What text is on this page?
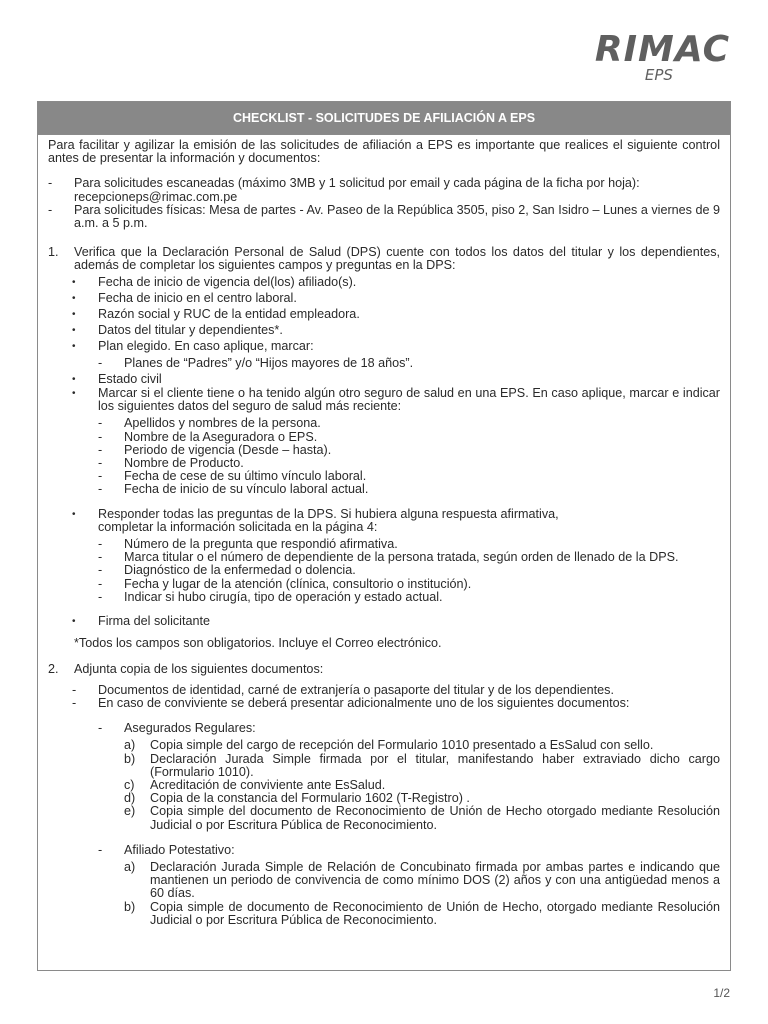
RIMAC
EPS
CHECKLIST - SOLICITUDES DE AFILIACIÓN A EPS
Para facilitar y agilizar la emisión de las solicitudes de afiliación a EPS es importante que realices el siguiente control antes de presentar la información y documentos:
-	Para solicitudes escaneadas (máximo 3MB y 1 solicitud por email y cada página de la ficha por hoja):
recepcioneps@rimac.com.pe
-	Para solicitudes físicas: Mesa de partes - Av. Paseo de la República 3505, piso 2, San Isidro – Lunes a viernes de 9 a.m. a 5 p.m.
1.	Verifica que la Declaración Personal de Salud (DPS) cuente con todos los datos del titular y los dependientes, además de completar los siguientes campos y preguntas en la DPS:
•	Fecha de inicio de vigencia del(los) afiliado(s).
•	Fecha de inicio en el centro laboral.
•	Razón social y RUC de la entidad empleadora.
•	Datos del titular y dependientes*.
•	Plan elegido. En caso aplique, marcar:
-	Planes de “Padres” y/o “Hijos mayores de 18 años”.
•	Estado civil
•	Marcar si el cliente tiene o ha tenido algún otro seguro de salud en una EPS. En caso aplique, marcar e indicar los siguientes datos del seguro de salud más reciente:
-	Apellidos y nombres de la persona.
-	Nombre de la Aseguradora o EPS.
-	Periodo de vigencia (Desde – hasta).
-	Nombre de Producto.
-	Fecha de cese de su último vínculo laboral.
-	Fecha de inicio de su vínculo laboral actual.
•	Responder todas las preguntas de la DPS. Si hubiera alguna respuesta afirmativa,
completar la información solicitada en la página 4:
-	Número de la pregunta que respondió afirmativa.
-	Marca titular o el número de dependiente de la persona tratada, según orden de llenado de la DPS.
-	Diagnóstico de la enfermedad o dolencia.
-	Fecha y lugar de la atención (clínica, consultorio o institución).
-	Indicar si hubo cirugía, tipo de operación y estado actual.
•	Firma del solicitante
*Todos los campos son obligatorios. Incluye el Correo electrónico.
2.	Adjunta copia de los siguientes documentos:
-	Documentos de identidad, carné de extranjería o pasaporte del titular y de los dependientes.
-	En caso de conviviente se deberá presentar adicionalmente uno de los siguientes documentos:
-	Asegurados Regulares:
a)	Copia simple del cargo de recepción del Formulario 1010 presentado a EsSalud con sello.
b)	Declaración Jurada Simple firmada por el titular, manifestando haber extraviado dicho cargo (Formulario 1010).
c)	Acreditación de conviviente ante EsSalud.
d)	Copia de la constancia del Formulario 1602 (T-Registro) .
e)	Copia simple del documento de Reconocimiento de Unión de Hecho otorgado mediante Resolución Judicial o por Escritura Pública de Reconocimiento.
-	Afiliado Potestativo:
a)	Declaración Jurada Simple de Relación de Concubinato firmada por ambas partes e indicando que mantienen un periodo de convivencia de como mínimo DOS (2) años y con una antigüedad menos a 60 días.
b)	Copia simple de documento de Reconocimiento de Unión de Hecho, otorgado mediante Resolución Judicial o por Escritura Pública de Reconocimiento.
1/2
